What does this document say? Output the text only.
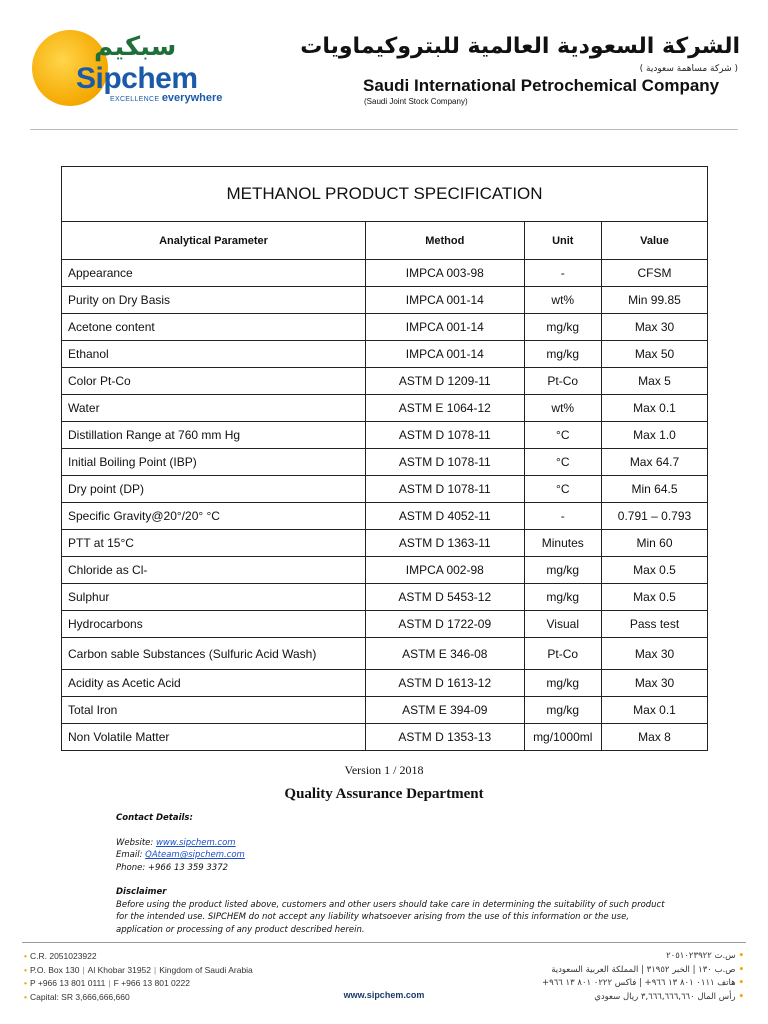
سبكيم
Sipchem
EXCELLENCE everywhere
الشركة السعودية العالمية للبتروكيماويات
( شركة مساهمة سعودية )
Saudi International Petrochemical Company
(Saudi Joint Stock Company)
METHANOL PRODUCT SPECIFICATION			
Analytical Parameter	Method	Unit	Value
Appearance	IMPCA 003-98	-	CFSM
Purity on Dry Basis	IMPCA 001-14	wt%	Min 99.85
Acetone content	IMPCA 001-14	mg/kg	Max 30
Ethanol	IMPCA 001-14	mg/kg	Max 50
Color Pt-Co	ASTM D 1209-11	Pt-Co	Max 5
Water	ASTM E 1064-12	wt%	Max 0.1
Distillation Range at 760 mm Hg	ASTM D 1078-11	°C	Max 1.0
Initial Boiling Point (IBP)	ASTM D 1078-11	°C	Max 64.7
Dry point (DP)	ASTM D 1078-11	°C	Min 64.5
Specific Gravity@20°/20° °C	ASTM D 4052-11	-	0.791 – 0.793
PTT at 15°C	ASTM D 1363-11	Minutes	Min 60
Chloride as Cl-	IMPCA 002-98	mg/kg	Max 0.5
Sulphur	ASTM D 5453-12	mg/kg	Max 0.5
Hydrocarbons	ASTM D 1722-09	Visual	Pass test
Carbon sable Substances (Sulfuric Acid Wash)	ASTM E 346-08	Pt-Co	Max 30
Acidity as Acetic Acid	ASTM D 1613-12	mg/kg	Max 30
Total Iron	ASTM E 394-09	mg/kg	Max 0.1
Non Volatile Matter	ASTM D 1353-13	mg/1000ml	Max 8
Version 1 / 2018
Quality Assurance Department
Contact Details:
Website: www.sipchem.com
Email: QAteam@sipchem.com
Phone: +966 13 359 3372
Disclaimer
Before using the product listed above, customers and other users should take care in determining the suitability of such product for the intended use. SIPCHEM do not accept any liability whatsoever arising from the use of this information or the use, application or processing of any product described herein.
• C.R. 2051023922
• P.O. Box 130 | Al Khobar 31952 | Kingdom of Saudi Arabia
• P +966 13 801 0111 | F +966 13 801 0222
• Capital: SR 3,666,666,660
•س.ت ٢٠٥١٠٢٣٩٢٢
•ص.ب ١٣٠ | الخبر ٣١٩٥٢ | المملكة العربية السعودية
•هاتف ٠١١١ ٨٠١ ١٣ ٩٦٦+ | فاكس ٠٢٢٢ ٨٠١ ١٣ ٩٦٦+
•رأس المال ٣,٦٦٦,٦٦٦,٦٦٠ ريال سعودي
www.sipchem.com
